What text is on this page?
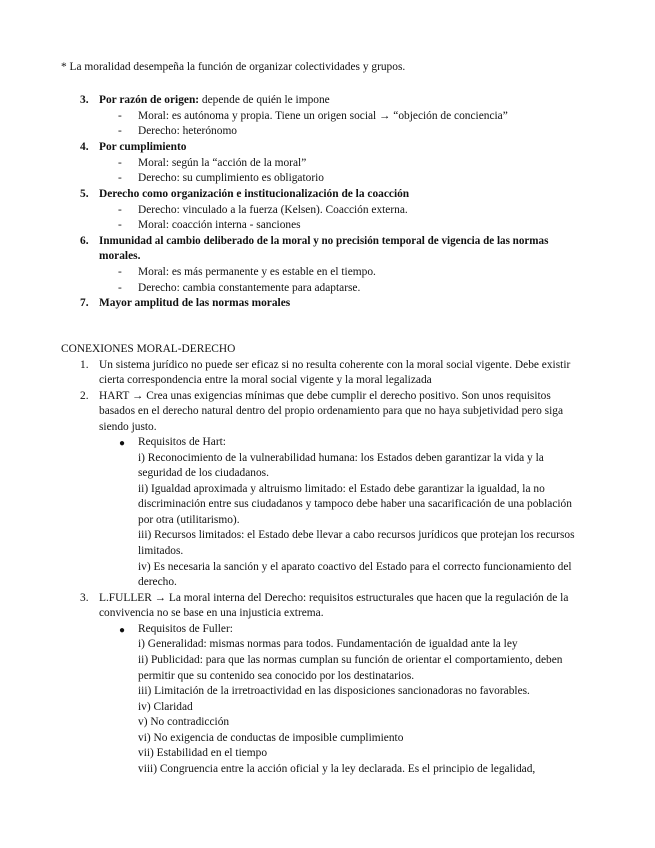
* La moralidad desempeña la función de organizar colectividades y grupos.
3. Por razón de origen: depende de quién le impone
- Moral: es autónoma y propia. Tiene un origen social → “objeción de conciencia”
- Derecho: heterónomo
4. Por cumplimiento
- Moral: según la “acción de la moral”
- Derecho: su cumplimiento es obligatorio
5. Derecho como organización e institucionalización de la coacción
- Derecho: vinculado a la fuerza (Kelsen). Coacción externa.
- Moral: coacción interna - sanciones
6. Inmunidad al cambio deliberado de la moral y no precisión temporal de vigencia de las normas
morales.
- Moral: es más permanente y es estable en el tiempo.
- Derecho: cambia constantemente para adaptarse.
7. Mayor amplitud de las normas morales
CONEXIONES MORAL-DERECHO
1. Un sistema jurídico no puede ser eficaz si no resulta coherente con la moral social vigente. Debe existir
cierta correspondencia entre la moral social vigente y la moral legalizada
2. HART → Crea unas exigencias mínimas que debe cumplir el derecho positivo. Son unos requisitos
basados en el derecho natural dentro del propio ordenamiento para que no haya subjetividad pero siga
siendo justo.
● Requisitos de Hart:
i) Reconocimiento de la vulnerabilidad humana: los Estados deben garantizar la vida y la
seguridad de los ciudadanos.
ii) Igualdad aproximada y altruismo limitado: el Estado debe garantizar la igualdad, la no
discriminación entre sus ciudadanos y tampoco debe haber una sacarificación de una población
por otra (utilitarismo).
iii) Recursos limitados: el Estado debe llevar a cabo recursos jurídicos que protejan los recursos
limitados.
iv) Es necesaria la sanción y el aparato coactivo del Estado para el correcto funcionamiento del
derecho.
3. L.FULLER → La moral interna del Derecho: requisitos estructurales que hacen que la regulación de la
convivencia no se base en una injusticia extrema.
● Requisitos de Fuller:
i) Generalidad: mismas normas para todos. Fundamentación de igualdad ante la ley
ii) Publicidad: para que las normas cumplan su función de orientar el comportamiento, deben
permitir que su contenido sea conocido por los destinatarios.
iii) Limitación de la irretroactividad en las disposiciones sancionadoras no favorables.
iv) Claridad
v) No contradicción
vi) No exigencia de conductas de imposible cumplimiento
vii) Estabilidad en el tiempo
viii) Congruencia entre la acción oficial y la ley declarada. Es el principio de legalidad,
